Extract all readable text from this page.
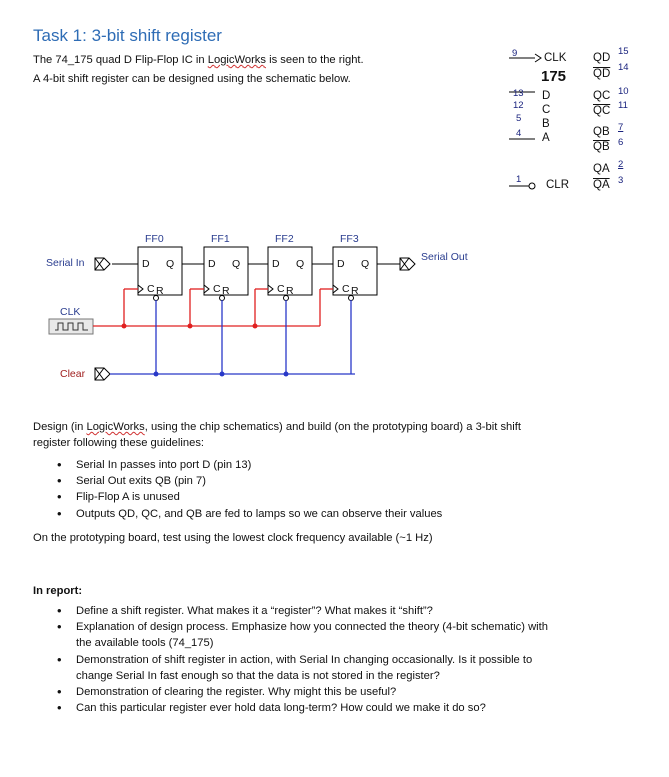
Task 1: 3-bit shift register
The 74_175 quad D Flip-Flop IC in LogicWorks is seen to the right.
A 4-bit shift register can be designed using the schematic below.
9 CLK
175
13
12
5
4
D
C
B
A
1 CLR
QD
$\overline{QD}$
QC
$\overline{QC}$
QB
$\overline{QB}$
QA
$\overline{QA}$
15
14
10
11
7
6
2
3
FF0	FF1	FF2	FF3
D Q
C R
D Q
C R
D Q
C R
D Q
C R
Serial In	Serial Out
CLK
Clear
Design (in LogicWorks, using the chip schematics) and build (on the prototyping board) a 3-bit shift
register following these guidelines:
• Serial In passes into port D (pin 13)
• Serial Out exits QB (pin 7)
• Flip-Flop A is unused
• Outputs QD, QC, and QB are fed to lamps so we can observe their values
On the prototyping board, test using the lowest clock frequency available (~1 Hz)
In report:
• Define a shift register. What makes it a “register”? What makes it “shift”?
• Explanation of design process. Emphasize how you connected the theory (4-bit schematic) with
the available tools (74_175)
• Demonstration of shift register in action, with Serial In changing occasionally. Is it possible to
change Serial In fast enough so that the data is not stored in the register?
• Demonstration of clearing the register. Why might this be useful?
• Can this particular register ever hold data long-term? How could we make it do so?
